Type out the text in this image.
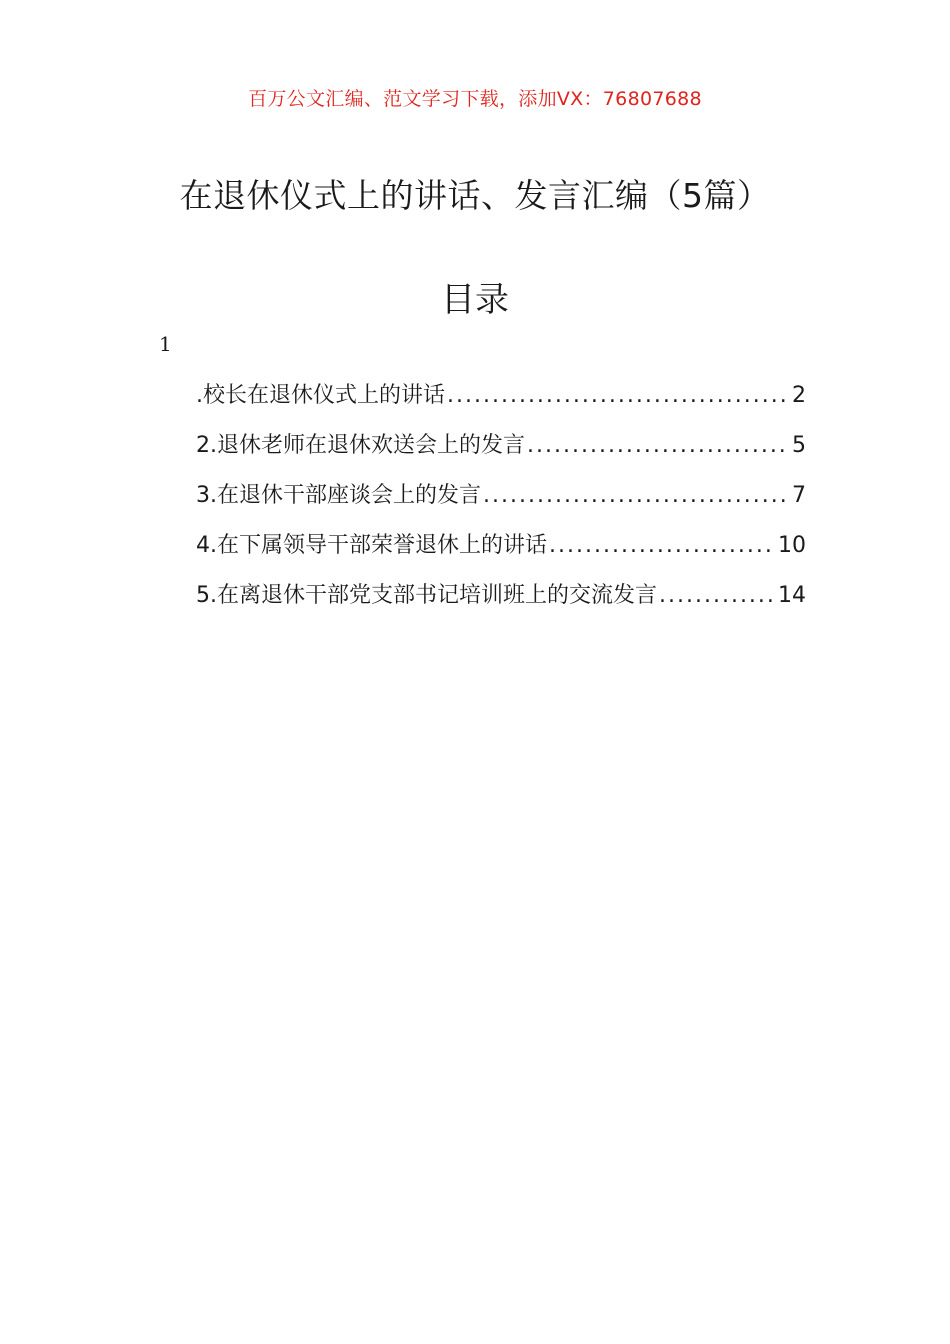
百万公文汇编、范文学习下载，添加VX：76807688
在退休仪式上的讲话、发言汇编（5篇）
目录
1
.校长在退休仪式上的讲话 .....	2
2.退休老师在退休欢送会上的发言 .....	5
3.在退休干部座谈会上的发言 .....	7
4.在下属领导干部荣誉退休上的讲话 .....	10
5.在离退休干部党支部书记培训班上的交流发言 .....	14
